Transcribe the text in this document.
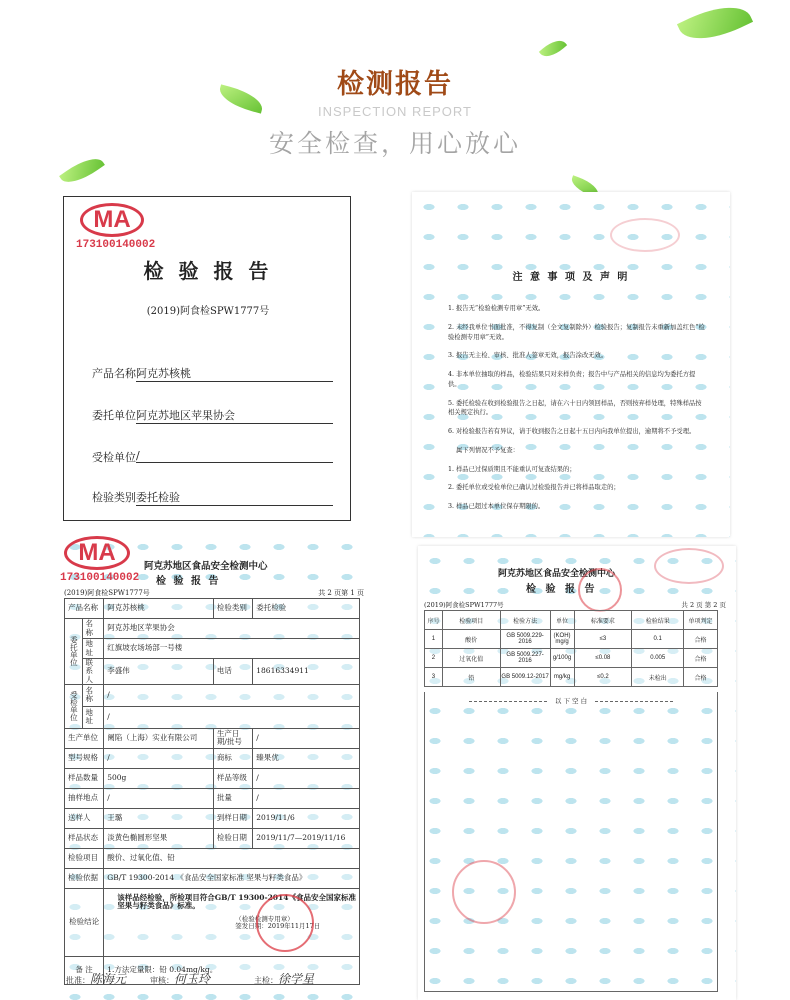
检测报告
INSPECTION REPORT
安全检查，用心放心
MA
173100140002
检 验 报 告
(2019)阿食检SPW1777号
产品名称 阿克苏核桃
委托单位 阿克苏地区苹果协会
受检单位 /
检验类别 委托检验
注 意 事 项 及 声 明
1. 报告无“检验检测专用章”无效。
2. 未经我单位书面批准，不得复制（全文复制除外）检验报告；复制报告未重新加盖红色“检验检测专用章”无效。
3. 报告无主检、审核、批准人签章无效，报告涂改无效。
4. 非本单位抽取的样品，检验结果只对来样负责；报告中与产品相关的信息均为委托方提供。
5. 委托检验在收到检验报告之日起，请在六十日内领回样品，否则按弃样处理，特殊样品按相关规定执行。
6. 对检验报告若有异议，请于收到报告之日起十五日内向我单位提出，逾期将不予受理。
属下列情况不予复查：
1. 样品已过保质期且不能重认可复查结果的；
2. 委托单位或受检单位已确认过检验报告并已将样品取走的；
3. 样品已超过本单位保存期限的。
MA
173100140002
阿克苏地区食品安全检测中心
检 验 报 告
(2019)阿食检SPW1777号	共 2 页第 1 页
产品名称		阿克苏核桃	检验类别	委托检验
委托单位	名称	阿克苏地区苹果协会		
	地址	红旗坡农场场部一号楼		
	联系人	李盛伟	电话	18616334911
受检单位	名称	/		
	地址	/		
生产单位		阑陷（上海）实业有限公司	生产日期/批号	/
型号规格		/	商标	臻果优
样品数量		500g	样品等级	/
抽样地点		/	批量	/
送样人		王璐	到样日期	2019/11/6
样品状态		淡黄色椭圆形坚果	检验日期	2019/11/7—2019/11/16
检验项目		酸价、过氧化值、铅		
检验依据		GB/T 19300-2014 《食品安全国家标准 坚果与籽类食品》		
检验结论		该样品经检验，所检项目符合GB/T 19300-2014《食品安全国家标准 坚果与籽类食品》标准。
（检验检测专用章）
签发日期：2019年11月17日		

备 注		1.方法定量限：铅 0.04mg/kg。		
批准：陈海元	审核：何玉玲	主检：徐学星
阿克苏地区食品安全检测中心
检 验 报 告
(2019)阿食检SPW1777号	共 2 页 第 2 页
序号	检验项目	检验方法	单位	标准要求	检验结果	单项判定
1	酸价	GB 5009.229-2016	(KOH) mg/g	≤3	0.1	合格
2	过氧化值	GB 5009.227-2016	g/100g	≤0.08	0.005	合格
3	铅	GB 5009.12-2017	mg/kg	≤0.2	未检出	合格
以 下 空 白
